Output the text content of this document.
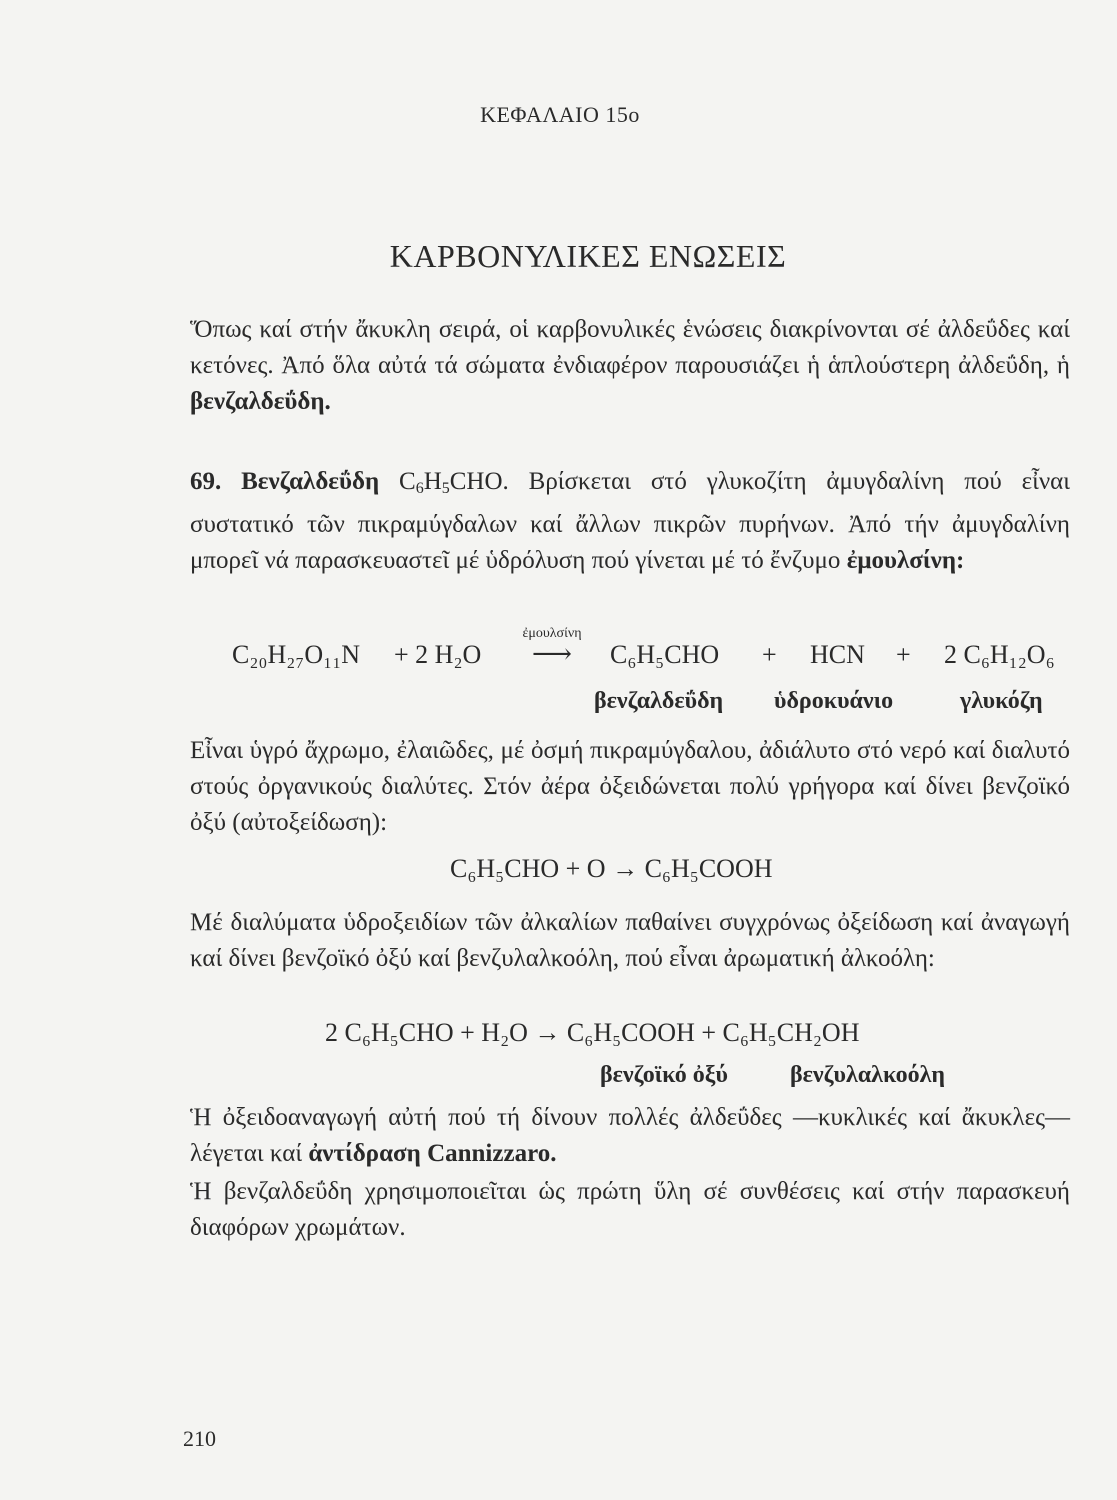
ΚΕΦΑΛΑΙΟ 15ο
ΚΑΡΒΟΝΥΛΙΚΕΣ ΕΝΩΣΕΙΣ

Ὅπως καί στήν ἄκυκλη σειρά, οἱ καρβονυλικές ἑνώσεις διακρίνονται σέ ἀλδεΰδες καί κετόνες. Ἀπό ὅλα αὐτά τά σώματα ἐνδιαφέρον παρουσιάζει ἡ ἁπλούστερη ἀλδεΰδη, ἡ βενζαλδεΰδη.

69. Βενζαλδεΰδη $C_6H_5CHO$. Βρίσκεται στό γλυκοζίτη ἀμυγδαλίνη πού εἶναι συστατικό τῶν πικραμύγδαλων καί ἄλλων πικρῶν πυρήνων. Ἀπό τήν ἀμυγδαλίνη μπορεῖ νά παρασκευαστεῖ μέ ὑδρόλυση πού γίνεται μέ τό ἔνζυμο ἐμουλσίνη:

C₂₀H₂₇O₁₁N + 2 H₂O
ἐμουλσίνη
⟶	C₆H₅CHO + HCN + 2 C₆H₁₂O₆
βενζαλδεΰδη ὑδροκυάνιο	γλυκόζη

Εἶναι ὑγρό ἄχρωμο, ἐλαιῶδες, μέ ὀσμή πικραμύγδαλου, ἀδιάλυτο στό νερό καί διαλυτό στούς ὀργανικούς διαλύτες. Στόν ἀέρα ὀξειδώνεται πολύ γρήγορα καί δίνει βενζοϊκό ὀξύ (αὐτοξείδωση):

C₆H₅CHO + O → C₆H₅COOH

Μέ διαλύματα ὑδροξειδίων τῶν ἀλκαλίων παθαίνει συγχρόνως ὀξείδωση καί ἀναγωγή καί δίνει βενζοϊκό ὀξύ καί βενζυλαλκοόλη, πού εἶναι ἀρωματική ἀλκοόλη:

2 C₆H₅CHO + H₂O → C₆H₅COOH + C₆H₅CH₂OH
βενζοϊκό ὀξύ	βενζυλαλκοόλη

Ἡ ὀξειδοαναγωγή αὐτή πού τή δίνουν πολλές ἀλδεΰδες —κυκλικές καί ἄκυκλες— λέγεται καί ἀντίδραση Cannizzaro.

Ἡ βενζαλδεΰδη χρησιμοποιεῖται ὡς πρώτη ὕλη σέ συνθέσεις καί στήν παρασκευή διαφόρων χρωμάτων.

210
